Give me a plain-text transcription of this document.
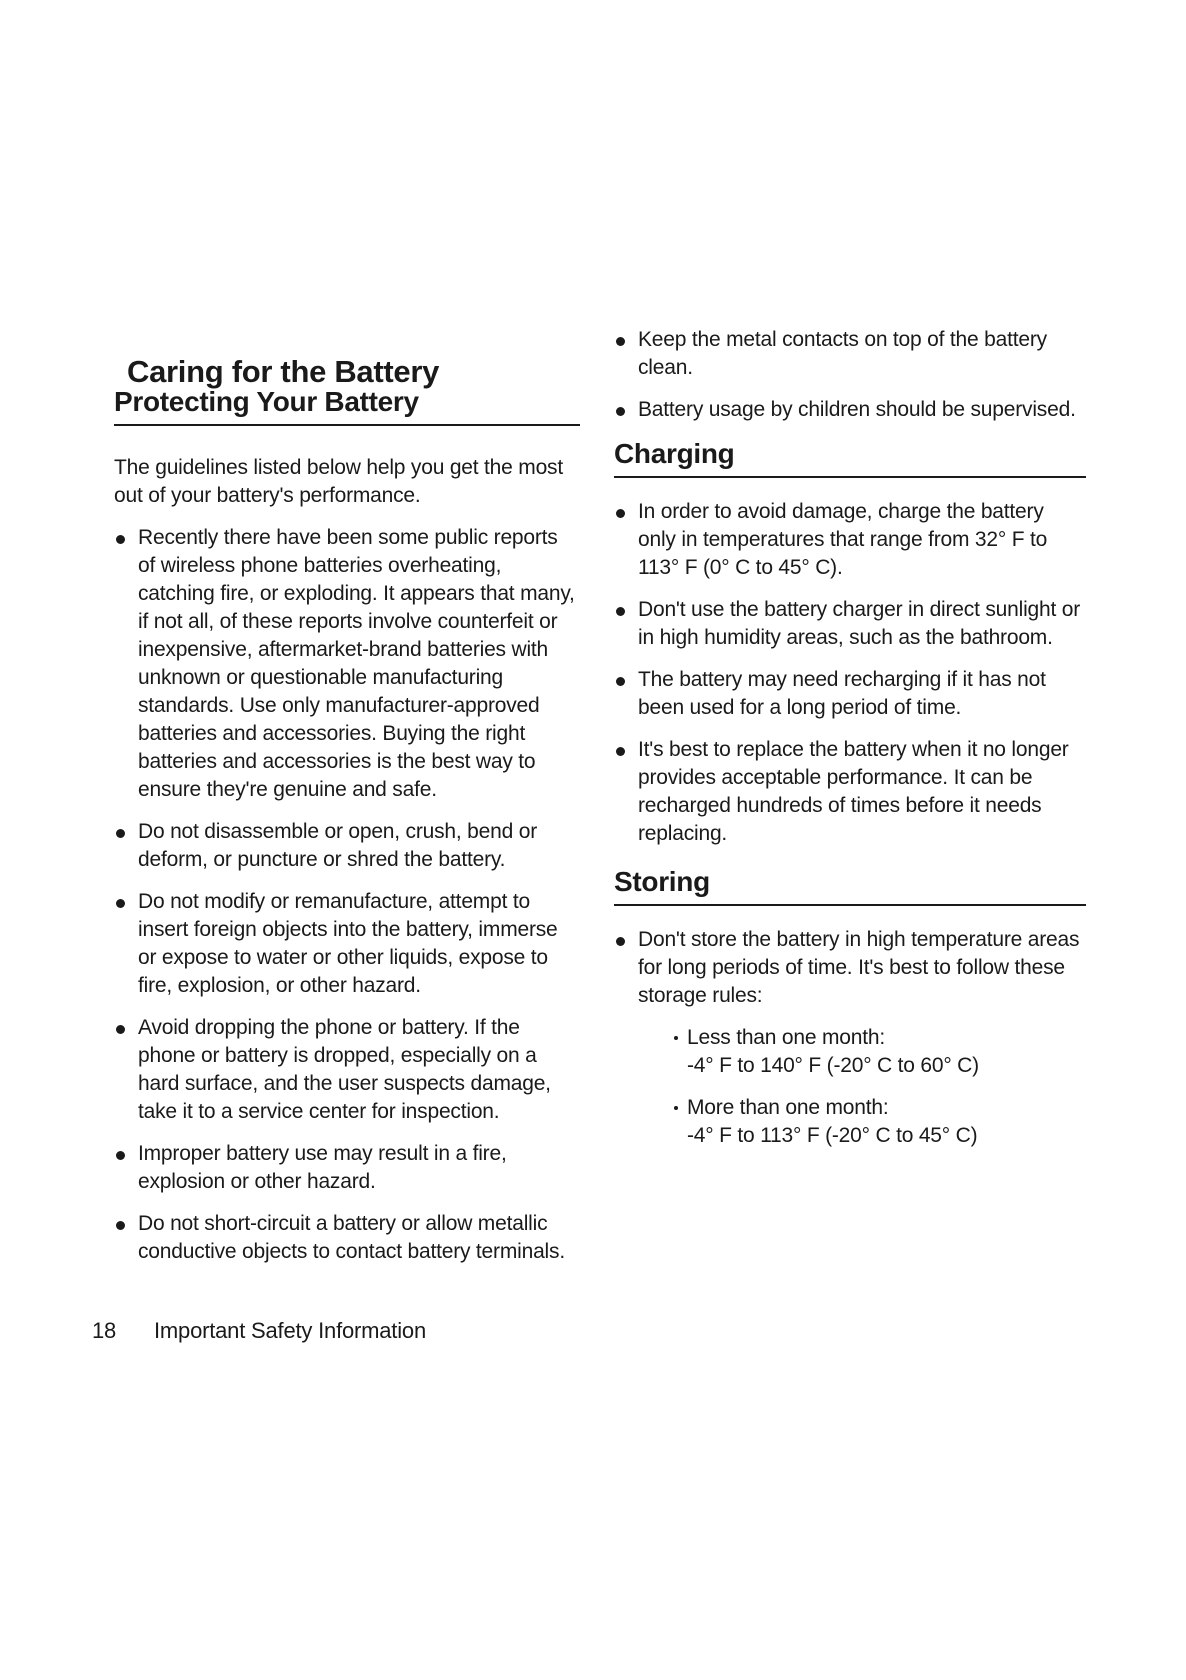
Caring for the Battery
Protecting Your Battery

The guidelines listed below help you get the most out of your battery's performance.

Recently there have been some public reports of wireless phone batteries overheating, catching fire, or exploding. It appears that many, if not all, of these reports involve counterfeit or inexpensive, aftermarket-brand batteries with unknown or questionable manufacturing standards. Use only manufacturer-approved batteries and accessories. Buying the right batteries and accessories is the best way to ensure they're genuine and safe.
Do not disassemble or open, crush, bend or deform, or puncture or shred the battery.
Do not modify or remanufacture, attempt to insert foreign objects into the battery, immerse or expose to water or other liquids, expose to fire, explosion, or other hazard.
Avoid dropping the phone or battery. If the phone or battery is dropped, especially on a hard surface, and the user suspects damage, take it to a service center for inspection.
Improper battery use may result in a fire, explosion or other hazard.
Do not short-circuit a battery or allow metallic conductive objects to contact battery terminals.
Keep the metal contacts on top of the battery clean.
Battery usage by children should be supervised.
Charging
In order to avoid damage, charge the battery only in temperatures that range from 32° F to 113° F (0° C to 45° C).
Don't use the battery charger in direct sunlight or in high humidity areas, such as the bathroom.
The battery may need recharging if it has not been used for a long period of time.
It's best to replace the battery when it no longer provides acceptable performance. It can be recharged hundreds of times before it needs replacing.
Storing
Don't store the battery in high temperature areas for long periods of time. It's best to follow these storage rules:
Less than one month:
-4° F to 140° F (-20° C to 60° C)
More than one month:
-4° F to 113° F (-20° C to 45° C)
18 Important Safety Information
